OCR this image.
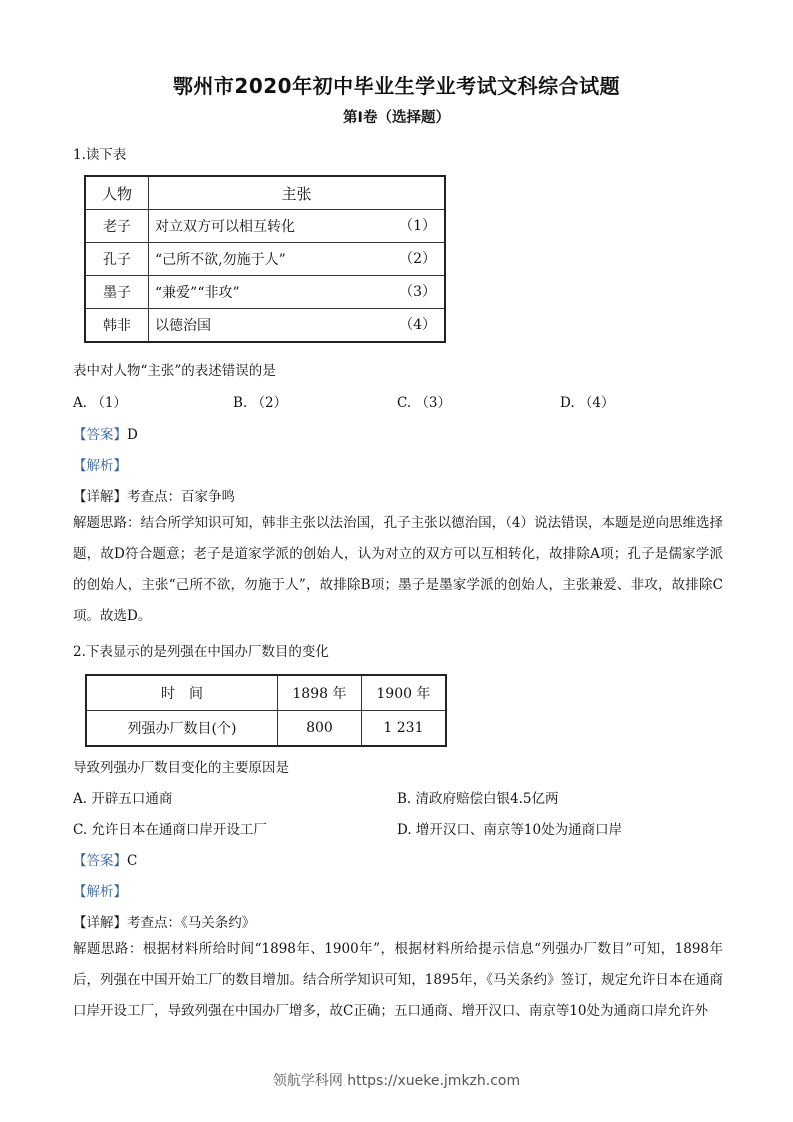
鄂州市2020年初中毕业生学业考试文科综合试题
第Ⅰ卷（选择题）
1.读下表
人物	主张
老子	对立双方可以相互转化 （1）

孔子	“己所不欲,勿施于人” （2）

墨子	“兼爱”“非攻” （3）

韩非	以德治国 （4）
表中对人物“主张”的表述错误的是
A. （1）	B. （2）	C. （3）	D. （4）
【答案】D
【解析】
【详解】考查点：百家争鸣
解题思路：结合所学知识可知，韩非主张以法治国，孔子主张以德治国，（4）说法错误，本题是逆向思维选择题，故D符合题意；老子是道家学派的创始人，认为对立的双方可以互相转化，故排除A项；孔子是儒家学派的创始人，主张“己所不欲，勿施于人”，故排除B项；墨子是墨家学派的创始人，主张兼爱、非攻，故排除C项。故选D。
2.下表显示的是列强在中国办厂数目的变化
时　间	1898 年	1900 年
列强办厂数目(个)	800	1 231
导致列强办厂数目变化的主要原因是
A. 开辟五口通商	B. 清政府赔偿白银4.5亿两
C. 允许日本在通商口岸开设工厂	D. 增开汉口、南京等10处为通商口岸
【答案】C
【解析】
【详解】考查点：《马关条约》
解题思路：根据材料所给时间“1898年、1900年”，根据材料所给提示信息“列强办厂数目”可知，1898年后，列强在中国开始工厂的数目增加。结合所学知识可知，1895年，《马关条约》签订，规定允许日本在通商口岸开设工厂，导致列强在中国办厂增多，故C正确；五口通商、增开汉口、南京等10处为通商口岸允许外
领航学科网 https://xueke.jmkzh.com
